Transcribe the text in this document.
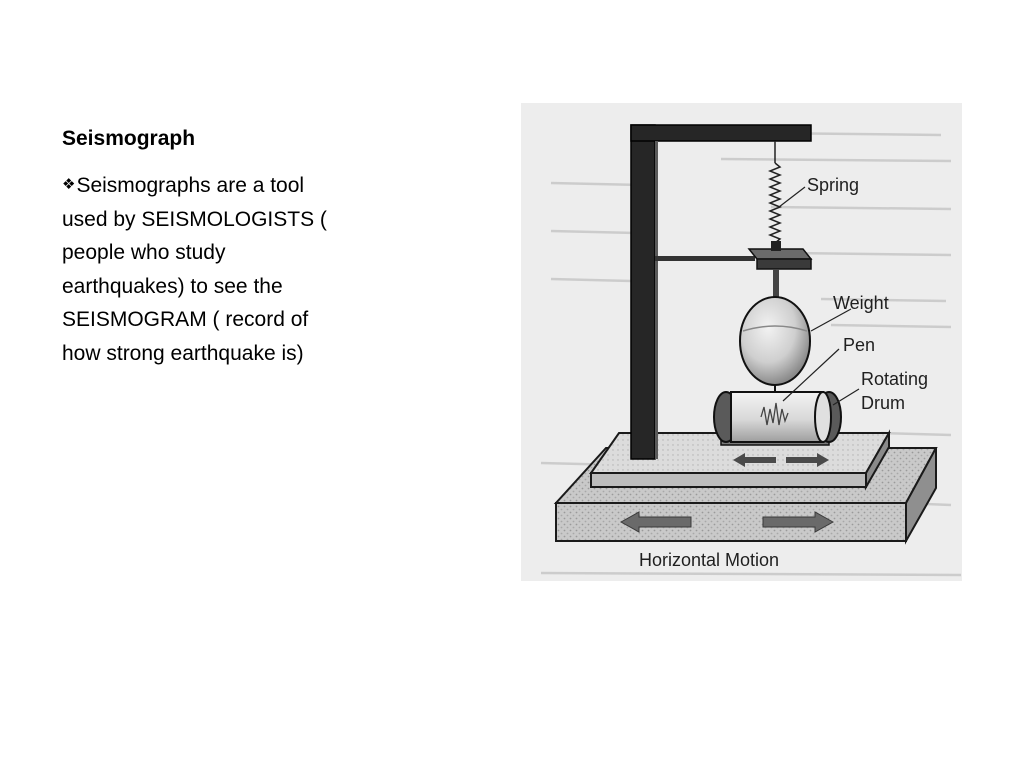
Seismograph
❖Seismographs are a tool
used by SEISMOLOGISTS (
people who study
earthquakes) to see the
SEISMOGRAM ( record of
how strong earthquake is)
Spring
Weight
Pen
Rotating
Drum
Horizontal Motion
